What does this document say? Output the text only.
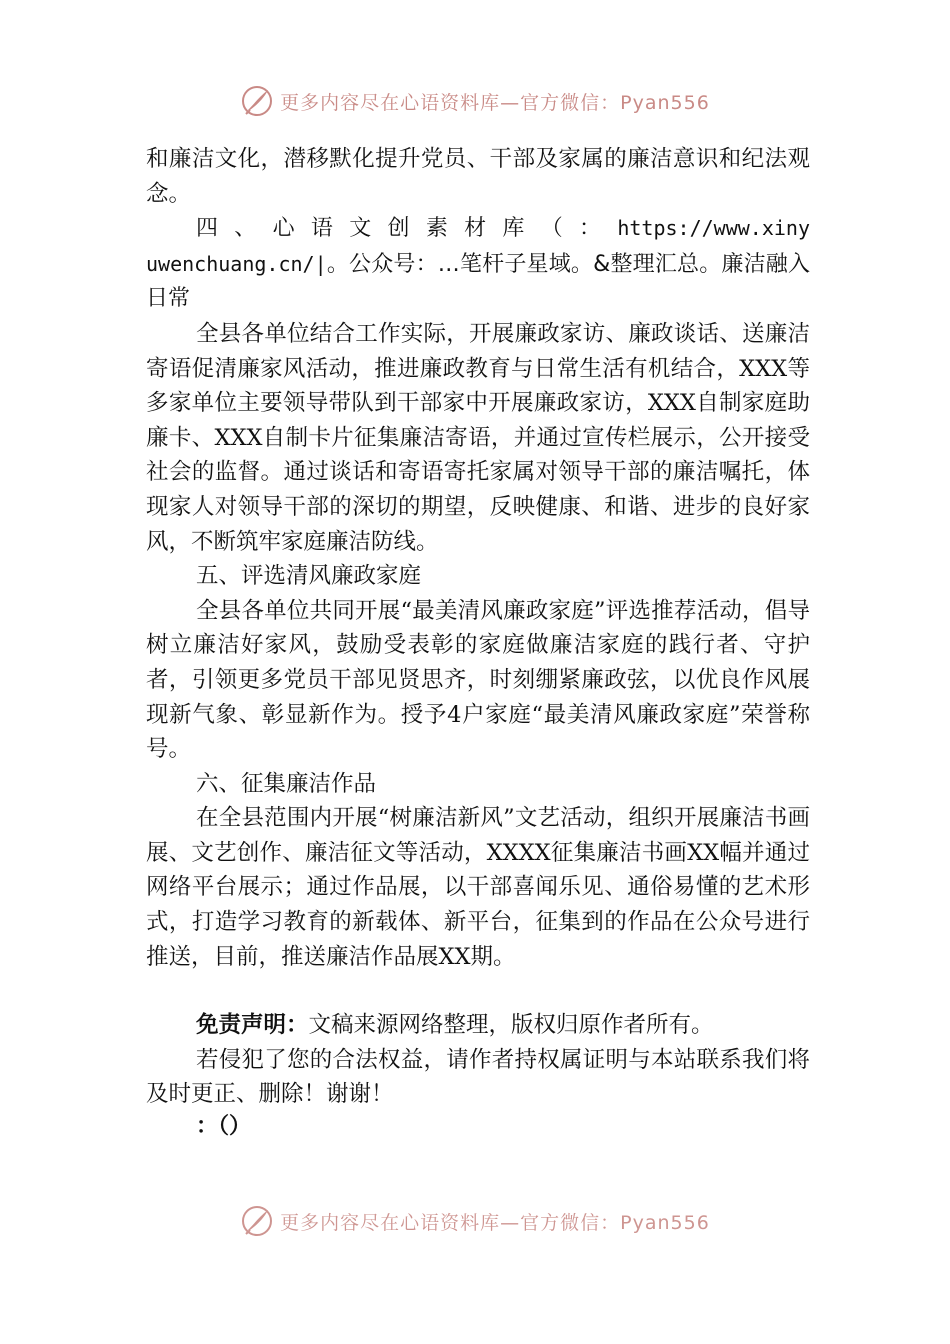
更多内容尽在心语资料库—官方微信：Pyan556

和廉洁文化，潜移默化提升党员、干部及家属的廉洁意识和纪法观念。

四、心语文创素材库（：https://www.xinyuwenchuang.cn/|。公众号：…笔杆子星域。&整理汇总。廉洁融入日常

全县各单位结合工作实际，开展廉政家访、廉政谈话、送廉洁寄语促清廉家风活动，推进廉政教育与日常生活有机结合，XXX等多家单位主要领导带队到干部家中开展廉政家访，XXX自制家庭助廉卡、XXX自制卡片征集廉洁寄语，并通过宣传栏展示，公开接受社会的监督。通过谈话和寄语寄托家属对领导干部的廉洁嘱托，体现家人对领导干部的深切的期望，反映健康、和谐、进步的良好家风，不断筑牢家庭廉洁防线。

五、评选清风廉政家庭

全县各单位共同开展“最美清风廉政家庭”评选推荐活动，倡导树立廉洁好家风，鼓励受表彰的家庭做廉洁家庭的践行者、守护者，引领更多党员干部见贤思齐，时刻绷紧廉政弦，以优良作风展现新气象、彰显新作为。授予4户家庭“最美清风廉政家庭”荣誉称号。

六、征集廉洁作品

在全县范围内开展“树廉洁新风”文艺活动，组织开展廉洁书画展、文艺创作、廉洁征文等活动，XXXX征集廉洁书画XX幅并通过网络平台展示；通过作品展，以干部喜闻乐见、通俗易懂的艺术形式，打造学习教育的新载体、新平台，征集到的作品在公众号进行推送，目前，推送廉洁作品展XX期。

免责声明：文稿来源网络整理，版权归原作者所有。

若侵犯了您的合法权益，请作者持权属证明与本站联系我们将及时更正、删除！谢谢！

：（）

更多内容尽在心语资料库—官方微信：Pyan556
